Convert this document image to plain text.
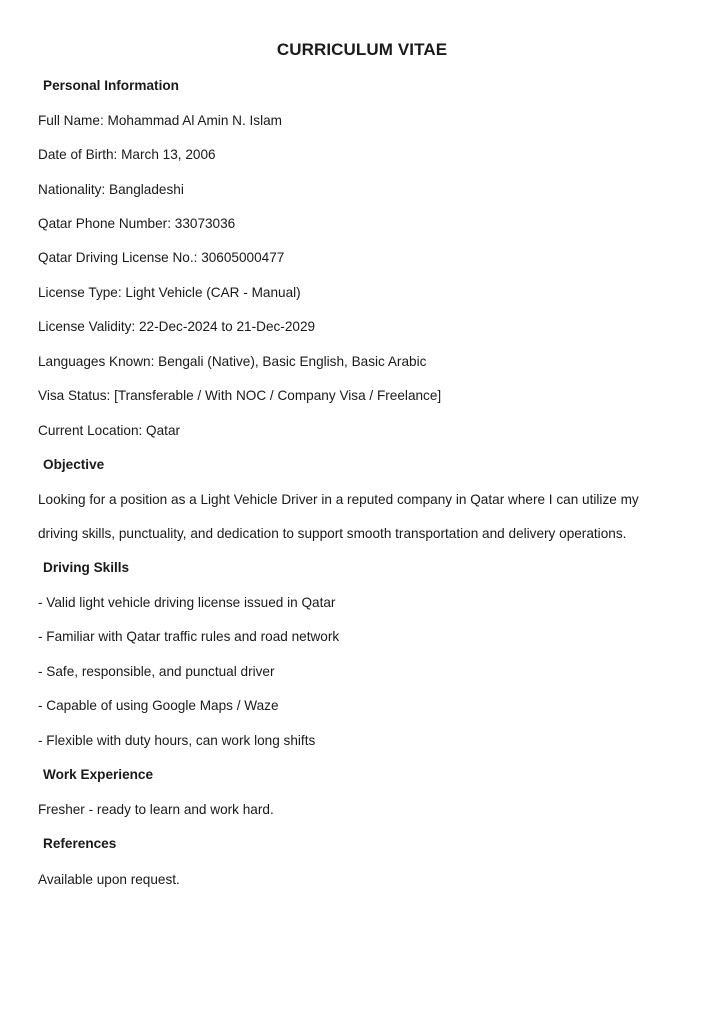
CURRICULUM VITAE
Personal Information
Full Name: Mohammad Al Amin N. Islam
Date of Birth: March 13, 2006
Nationality: Bangladeshi
Qatar Phone Number: 33073036
Qatar Driving License No.: 30605000477
License Type: Light Vehicle (CAR - Manual)
License Validity: 22-Dec-2024 to 21-Dec-2029
Languages Known: Bengali (Native), Basic English, Basic Arabic
Visa Status: [Transferable / With NOC / Company Visa / Freelance]
Current Location: Qatar
Objective
Looking for a position as a Light Vehicle Driver in a reputed company in Qatar where I can utilize my
driving skills, punctuality, and dedication to support smooth transportation and delivery operations.
Driving Skills
- Valid light vehicle driving license issued in Qatar
- Familiar with Qatar traffic rules and road network
- Safe, responsible, and punctual driver
- Capable of using Google Maps / Waze
- Flexible with duty hours, can work long shifts
Work Experience
Fresher - ready to learn and work hard.
References
Available upon request.
